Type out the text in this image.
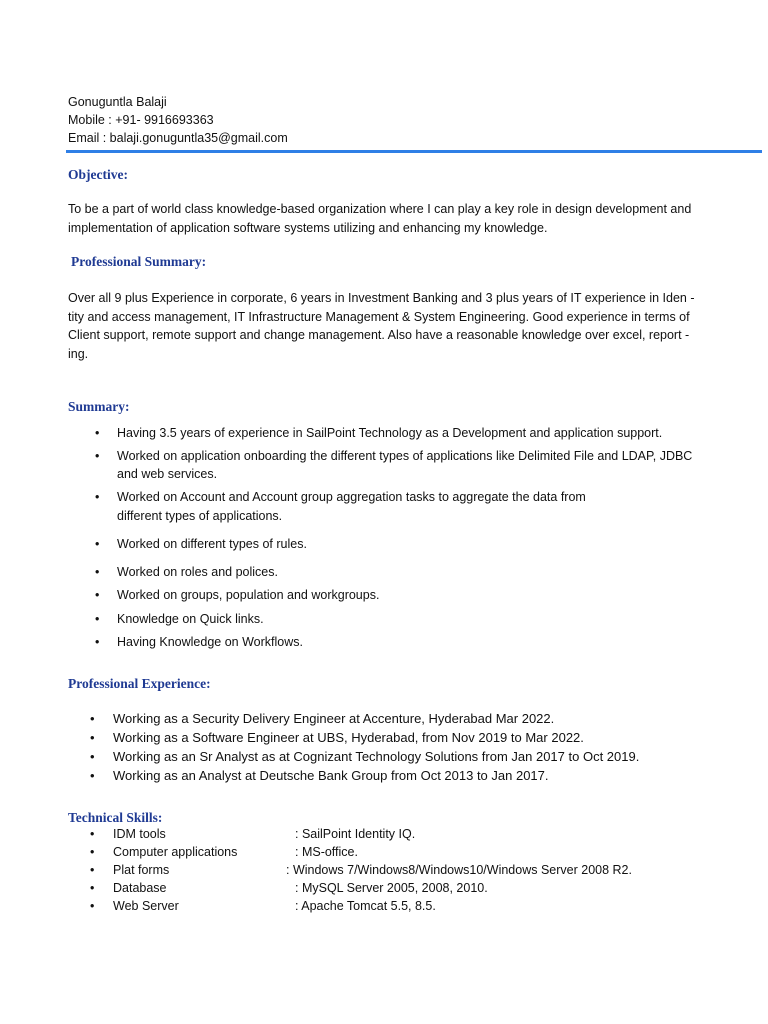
Gonuguntla Balaji
Mobile : +91- 9916693363
Email : balaji.gonuguntla35@gmail.com
Objective:
To be a part of world class knowledge-based organization where I can play a key role in design development and
implementation of application software systems utilizing and enhancing my knowledge.
Professional Summary:
Over all 9 plus Experience in corporate, 6 years in Investment Banking and 3 plus years of IT experience in Iden -
tity and access management, IT Infrastructure Management & System Engineering. Good experience in terms of
Client support, remote support and change management. Also have a reasonable knowledge over excel, report -
ing.
Summary:
• Having 3.5 years of experience in SailPoint Technology as a Development and application support.
• Worked on application onboarding the different types of applications like Delimited File and LDAP, JDBC
and web services.
• Worked on Account and Account group aggregation tasks to aggregate the data from
different types of applications.
• Worked on different types of rules.
• Worked on roles and polices.
• Worked on groups, population and workgroups.
• Knowledge on Quick links.
• Having Knowledge on Workflows.
Professional Experience:
• Working as a Security Delivery Engineer at Accenture, Hyderabad Mar 2022.
• Working as a Software Engineer at UBS, Hyderabad, from Nov 2019 to Mar 2022.
• Working as an Sr Analyst as at Cognizant Technology Solutions from Jan 2017 to Oct 2019.
• Working as an Analyst at Deutsche Bank Group from Oct 2013 to Jan 2017.
Technical Skills:
• IDM tools	: SailPoint Identity IQ.
• Computer applications	: MS-office.
• Plat forms	: Windows 7/Windows8/Windows10/Windows Server 2008 R2.
• Database	: MySQL Server 2005, 2008, 2010.
• Web Server	: Apache Tomcat 5.5, 8.5.
